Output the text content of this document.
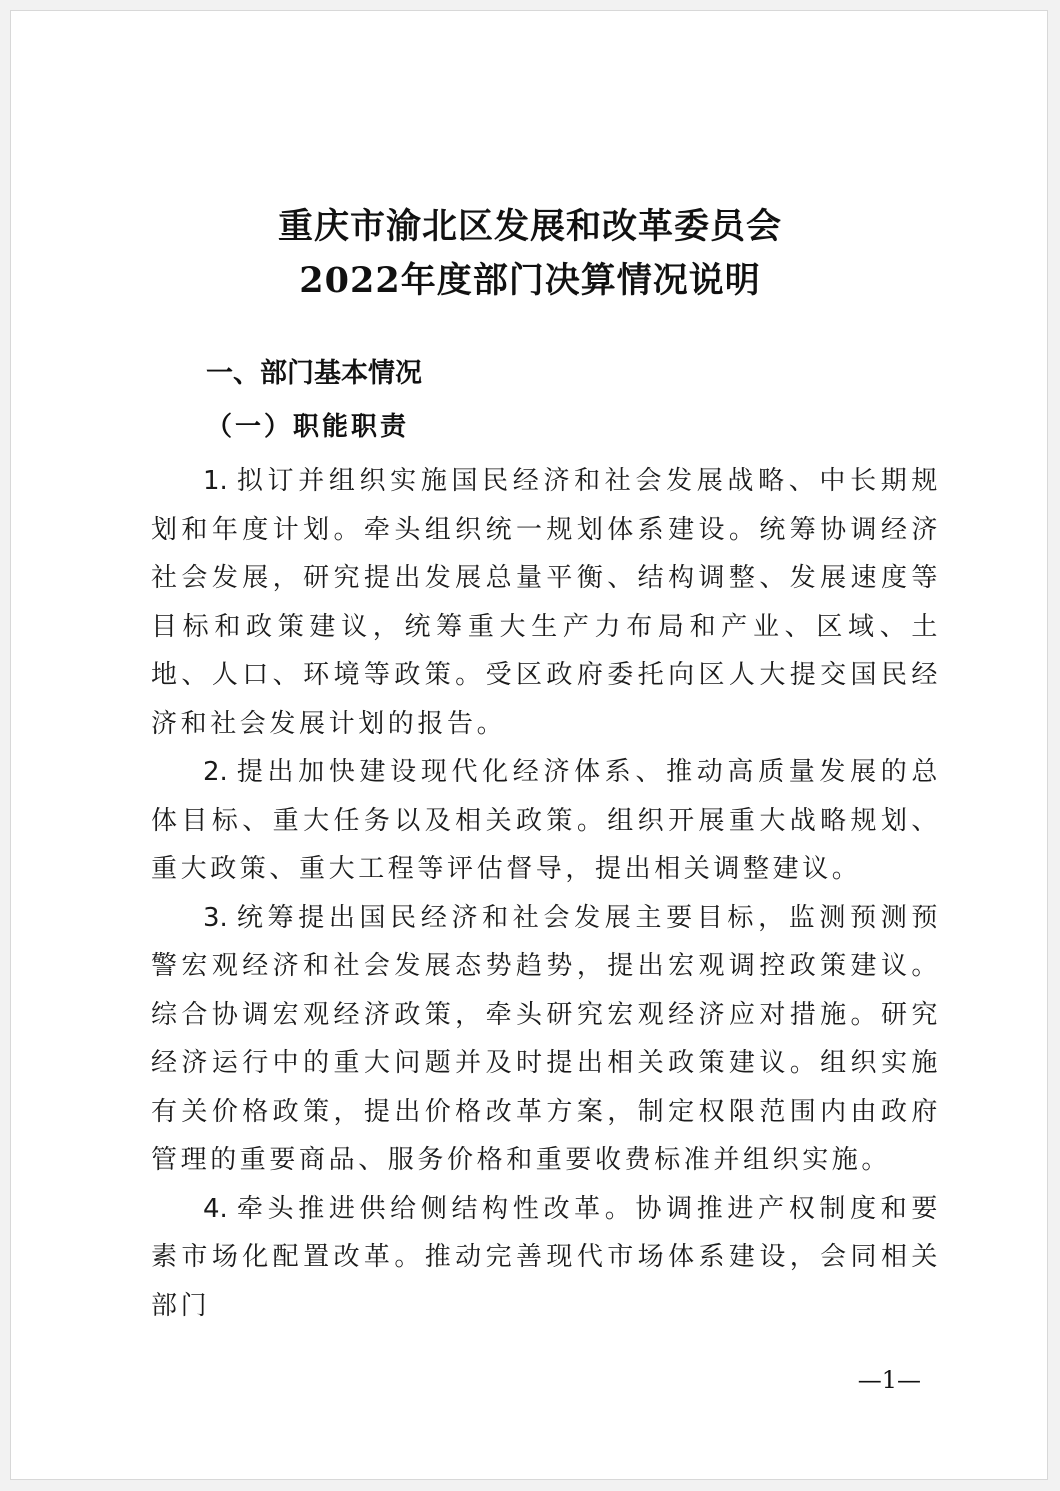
重庆市渝北区发展和改革委员会
2022年度部门决算情况说明
一、部门基本情况
（一）职能职责

1. 拟订并组织实施国民经济和社会发展战略、中长期规划和年度计划。牵头组织统一规划体系建设。统筹协调经济社会发展，研究提出发展总量平衡、结构调整、发展速度等目标和政策建议，统筹重大生产力布局和产业、区域、土地、人口、环境等政策。受区政府委托向区人大提交国民经济和社会发展计划的报告。

2. 提出加快建设现代化经济体系、推动高质量发展的总体目标、重大任务以及相关政策。组织开展重大战略规划、重大政策、重大工程等评估督导，提出相关调整建议。

3. 统筹提出国民经济和社会发展主要目标，监测预测预警宏观经济和社会发展态势趋势，提出宏观调控政策建议。综合协调宏观经济政策，牵头研究宏观经济应对措施。研究经济运行中的重大问题并及时提出相关政策建议。组织实施有关价格政策，提出价格改革方案，制定权限范围内由政府管理的重要商品、服务价格和重要收费标准并组织实施。

4. 牵头推进供给侧结构性改革。协调推进产权制度和要素市场化配置改革。推动完善现代市场体系建设，会同相关部门

—1—
